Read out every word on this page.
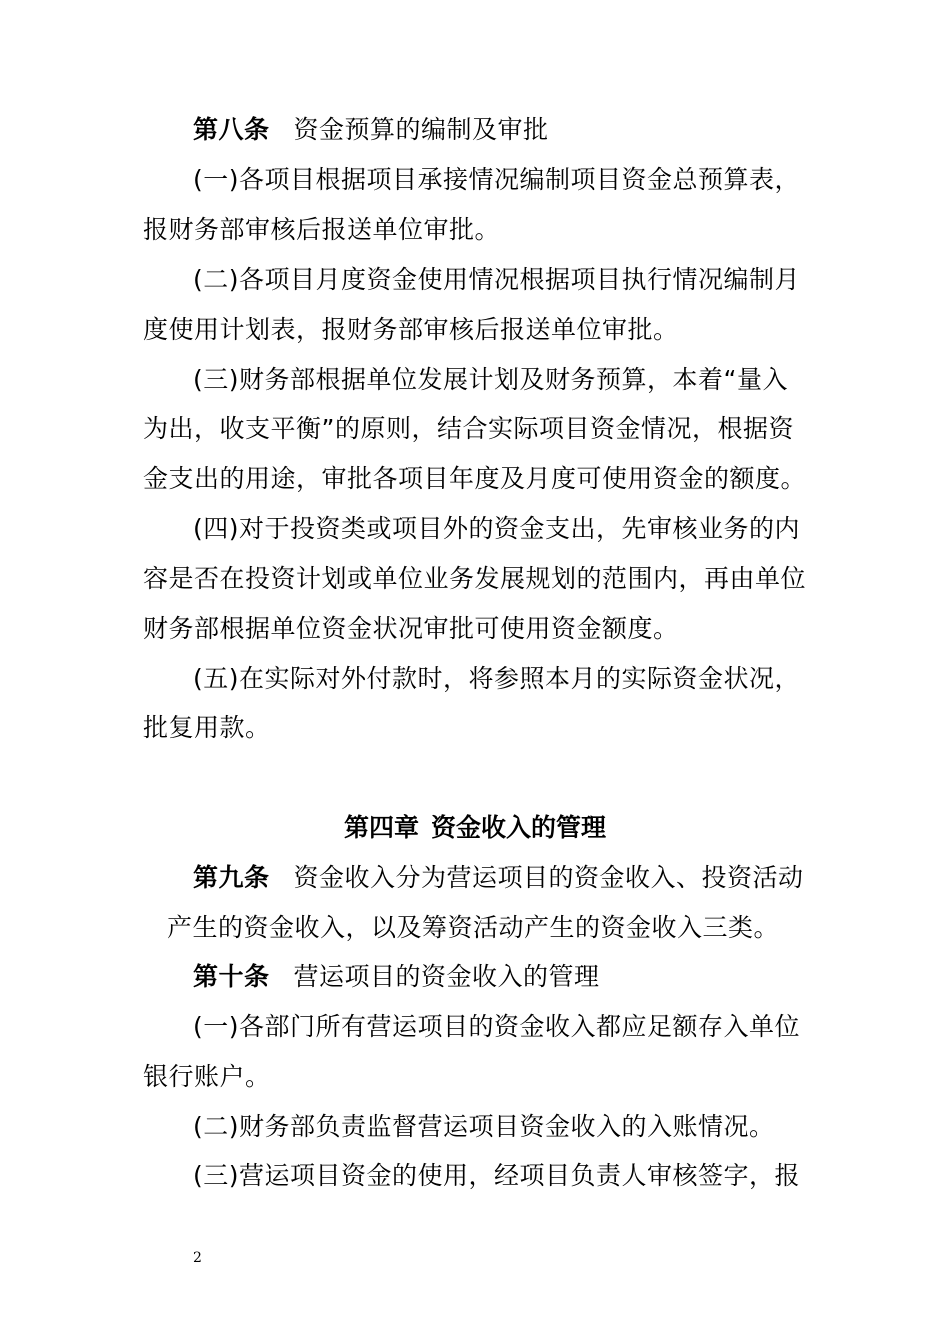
第八条 资金预算的编制及审批
(一)各项目根据项目承接情况编制项目资金总预算表，
报财务部审核后报送单位审批。
(二)各项目月度资金使用情况根据项目执行情况编制月
度使用计划表，报财务部审核后报送单位审批。
(三)财务部根据单位发展计划及财务预算，本着“量入
为出，收支平衡”的原则，结合实际项目资金情况，根据资
金支出的用途，审批各项目年度及月度可使用资金的额度。
(四)对于投资类或项目外的资金支出，先审核业务的内
容是否在投资计划或单位业务发展规划的范围内，再由单位
财务部根据单位资金状况审批可使用资金额度。
(五)在实际对外付款时，将参照本月的实际资金状况，
批复用款。
第四章 资金收入的管理
第九条 资金收入分为营运项目的资金收入、投资活动
产生的资金收入，以及筹资活动产生的资金收入三类。
第十条 营运项目的资金收入的管理
(一)各部门所有营运项目的资金收入都应足额存入单位
银行账户。
(二)财务部负责监督营运项目资金收入的入账情况。
(三)营运项目资金的使用，经项目负责人审核签字，报
2
